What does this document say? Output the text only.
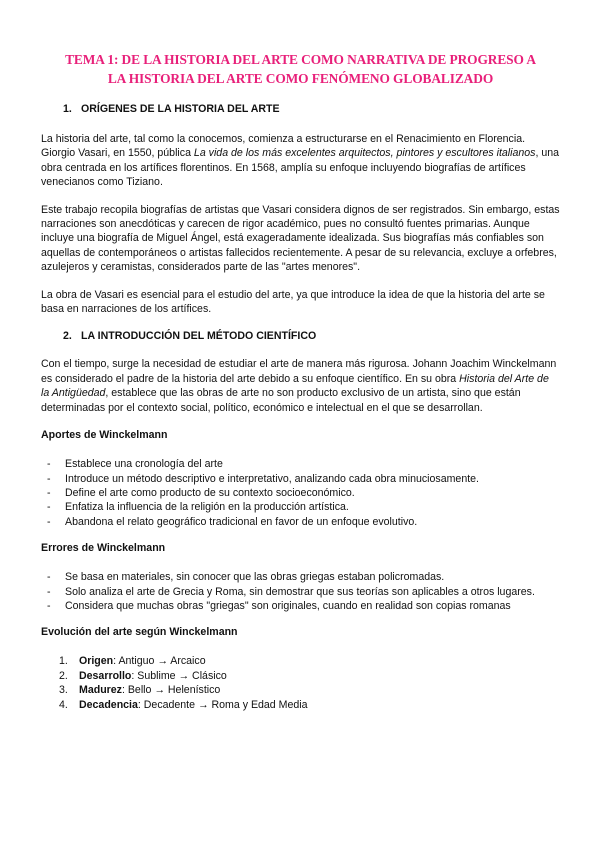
TEMA 1: DE LA HISTORIA DEL ARTE COMO NARRATIVA DE PROGRESO A
LA HISTORIA DEL ARTE COMO FENÓMENO GLOBALIZADO
1. ORÍGENES DE LA HISTORIA DEL ARTE

La historia del arte, tal como la conocemos, comienza a estructurarse en el Renacimiento en Florencia. Giorgio Vasari, en 1550, pública La vida de los más excelentes arquitectos, pintores y escultores italianos, una obra centrada en los artífices florentinos. En 1568, amplía su enfoque incluyendo biografías de artífices venecianos como Tiziano.

Este trabajo recopila biografías de artistas que Vasari considera dignos de ser registrados. Sin embargo, estas narraciones son anecdóticas y carecen de rigor académico, pues no consultó fuentes primarias. Aunque incluye una biografía de Miguel Ángel, está exageradamente idealizada. Sus biografías más confiables son aquellas de contemporáneos o artistas fallecidos recientemente. A pesar de su relevancia, excluye a orfebres, azulejeros y ceramistas, considerados parte de las "artes menores".

La obra de Vasari es esencial para el estudio del arte, ya que introduce la idea de que la historia del arte se basa en narraciones de los artífices.

2. LA INTRODUCCIÓN DEL MÉTODO CIENTÍFICO

Con el tiempo, surge la necesidad de estudiar el arte de manera más rigurosa. Johann Joachim Winckelmann es considerado el padre de la historia del arte debido a su enfoque científico. En su obra Historia del Arte de la Antigüedad, establece que las obras de arte no son producto exclusivo de un artista, sino que están determinadas por el contexto social, político, económico e intelectual en el que se desarrollan.

Aportes de Winckelmann
- Establece una cronología del arte
- Introduce un método descriptivo e interpretativo, analizando cada obra minuciosamente.
- Define el arte como producto de su contexto socioeconómico.
- Enfatiza la influencia de la religión en la producción artística.
- Abandona el relato geográfico tradicional en favor de un enfoque evolutivo.
Errores de Winckelmann
- Se basa en materiales, sin conocer que las obras griegas estaban policromadas.
- Solo analiza el arte de Grecia y Roma, sin demostrar que sus teorías son aplicables a otros lugares.
- Considera que muchas obras "griegas" son originales, cuando en realidad son copias romanas
Evolución del arte según Winckelmann
1.	Origen: Antiguo → Arcaico
2.	Desarrollo: Sublime → Clásico
3.	Madurez: Bello → Helenístico
4.	Decadencia: Decadente → Roma y Edad Media
